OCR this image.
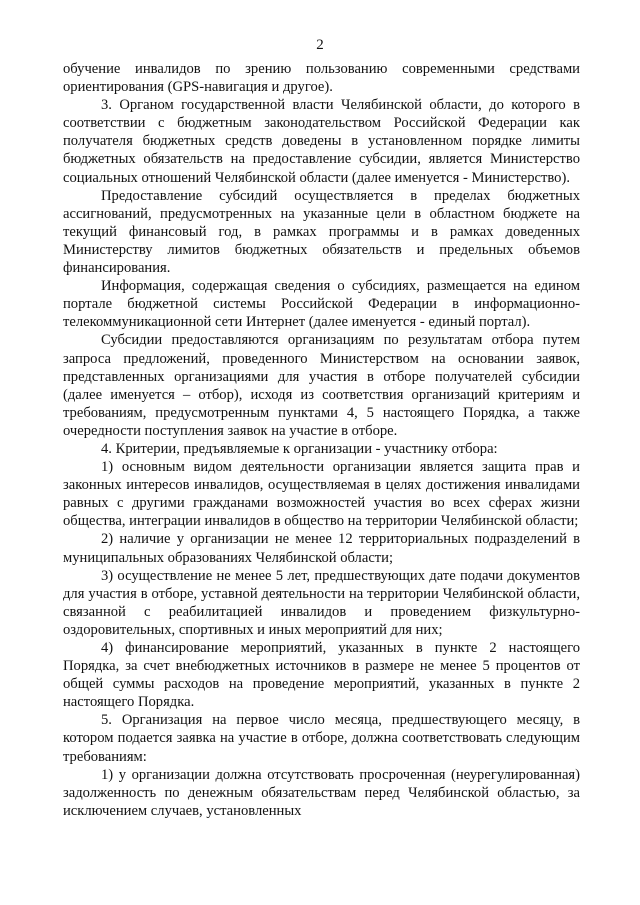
2

обучение инвалидов по зрению пользованию современными средствами ориентирования (GPS-навигация и другое).

3. Органом государственной власти Челябинской области, до которого в соответствии с бюджетным законодательством Российской Федерации как получателя бюджетных средств доведены в установленном порядке лимиты бюджетных обязательств на предоставление субсидии, является Министерство социальных отношений Челябинской области (далее именуется - Министерство).

Предоставление субсидий осуществляется в пределах бюджетных ассигнований, предусмотренных на указанные цели в областном бюджете на текущий финансовый год, в рамках программы и в рамках доведенных Министерству лимитов бюджетных обязательств и предельных объемов финансирования.

Информация, содержащая сведения о субсидиях, размещается на едином портале бюджетной системы Российской Федерации в информационно-телекоммуникационной сети Интернет (далее именуется - единый портал).

Субсидии предоставляются организациям по результатам отбора путем запроса предложений, проведенного Министерством на основании заявок, представленных организациями для участия в отборе получателей субсидии (далее именуется – отбор), исходя из соответствия организаций критериям и требованиям, предусмотренным пунктами 4, 5 настоящего Порядка, а также очередности поступления заявок на участие в отборе.

4. Критерии, предъявляемые к организации - участнику отбора:

1) основным видом деятельности организации является защита прав и законных интересов инвалидов, осуществляемая в целях достижения инвалидами равных с другими гражданами возможностей участия во всех сферах жизни общества, интеграции инвалидов в общество на территории Челябинской области;

2) наличие у организации не менее 12 территориальных подразделений в муниципальных образованиях Челябинской области;

3) осуществление не менее 5 лет, предшествующих дате подачи документов для участия в отборе, уставной деятельности на территории Челябинской области, связанной с реабилитацией инвалидов и проведением физкультурно-оздоровительных, спортивных и иных мероприятий для них;

4) финансирование мероприятий, указанных в пункте 2 настоящего Порядка, за счет внебюджетных источников в размере не менее 5 процентов от общей суммы расходов на проведение мероприятий, указанных в пункте 2 настоящего Порядка.

5. Организация на первое число месяца, предшествующего месяцу, в котором подается заявка на участие в отборе, должна соответствовать следующим требованиям:

1) у организации должна отсутствовать просроченная (неурегулированная) задолженность по денежным обязательствам перед Челябинской областью, за исключением случаев, установленных
